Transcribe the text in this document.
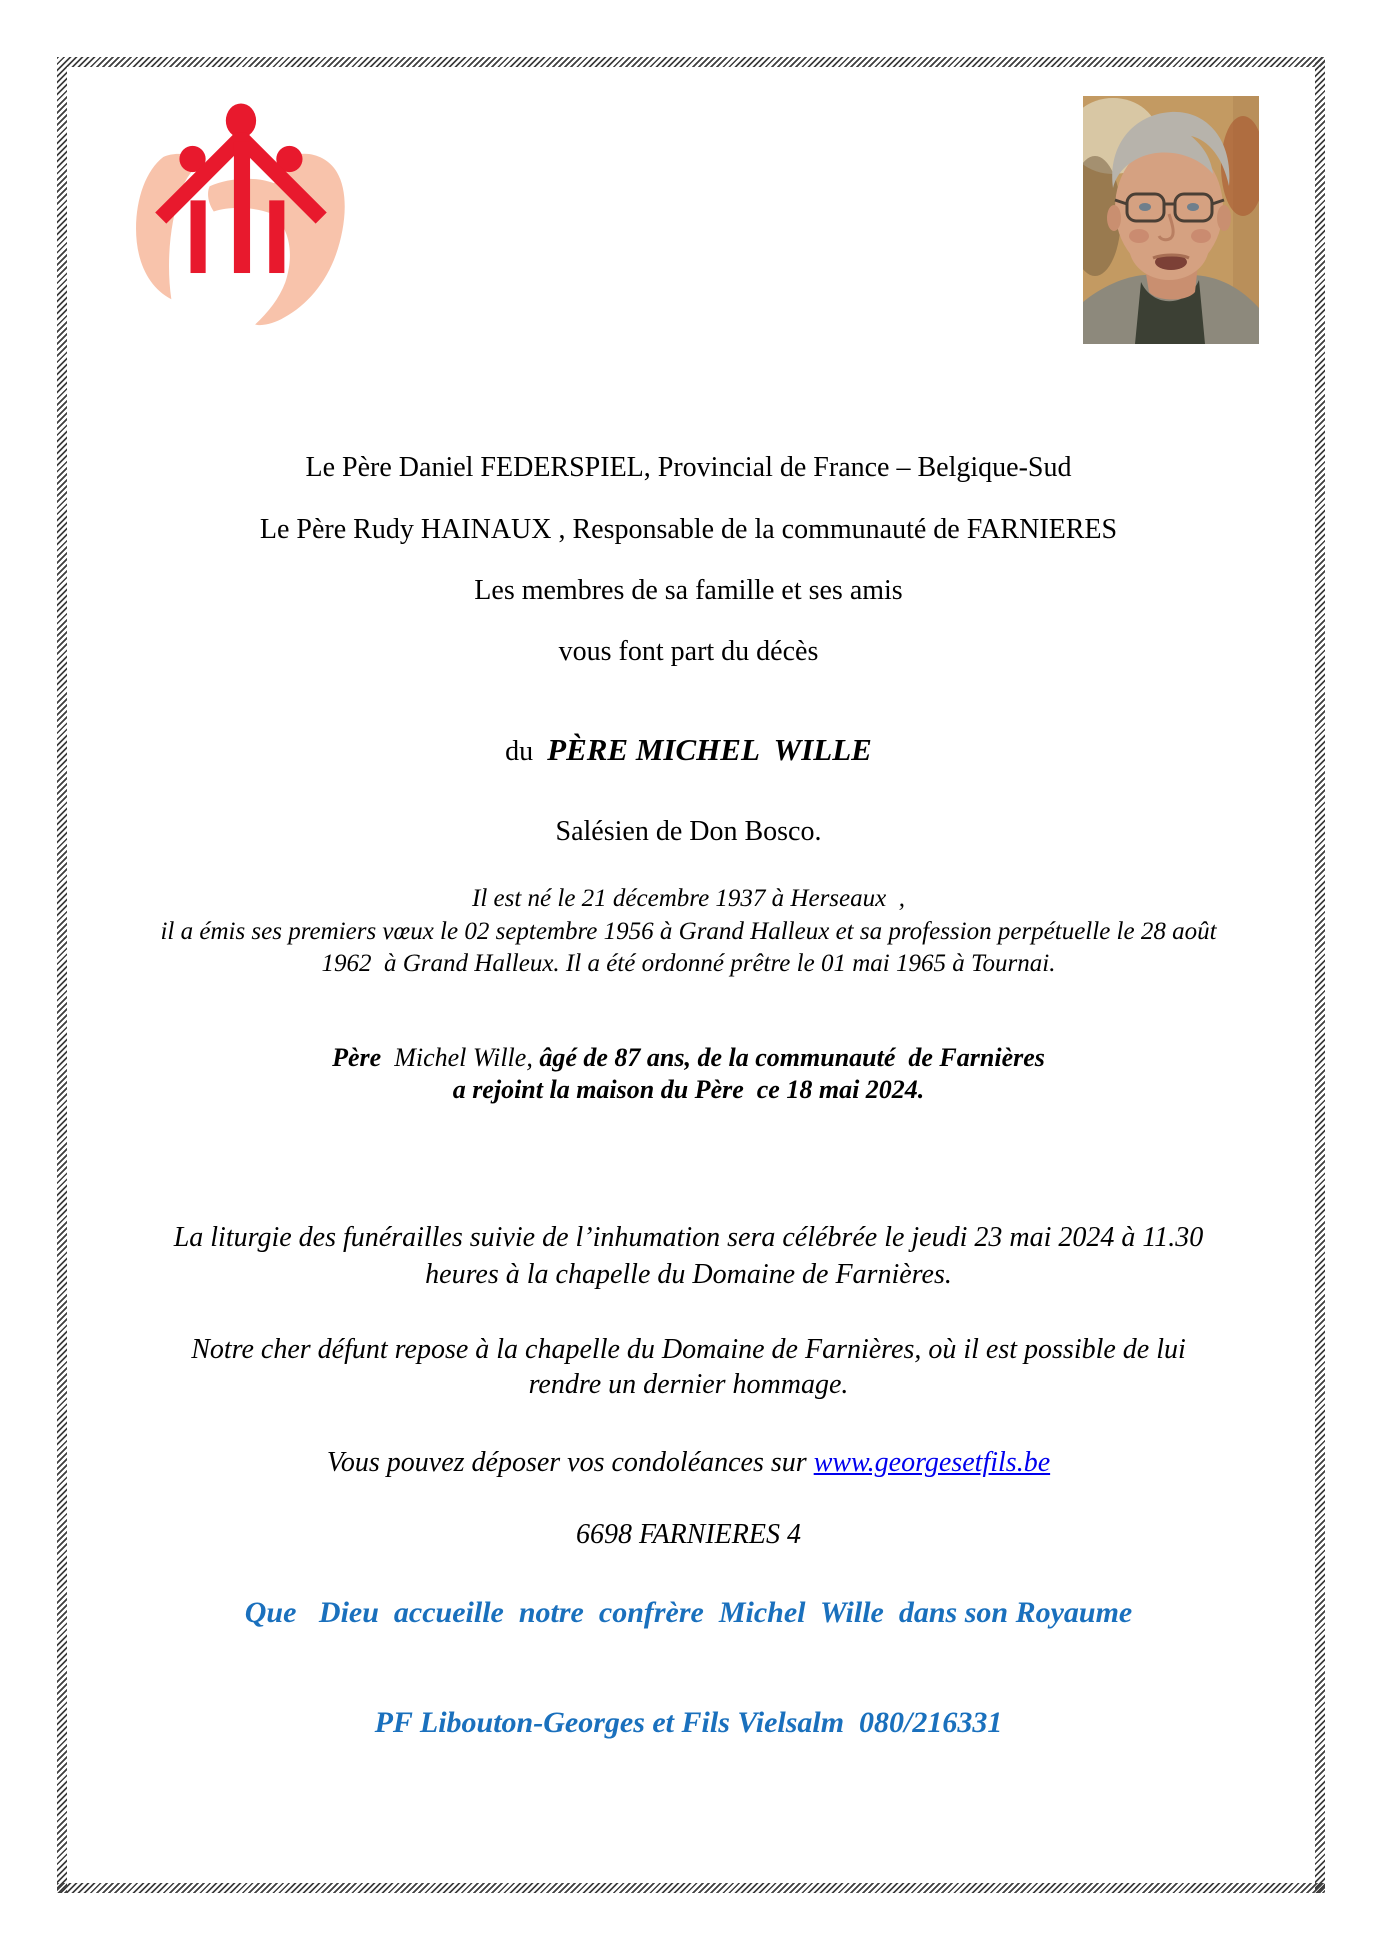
Le Père Daniel FEDERSPIEL, Provincial de France – Belgique-Sud
Le Père Rudy HAINAUX , Responsable de la communauté de FARNIERES
Les membres de sa famille et ses amis
vous font part du décès
du  PÈRE MICHEL  WILLE
Salésien de Don Bosco.
Il est né le 21 décembre 1937 à Herseaux  ,
il a émis ses premiers vœux le 02 septembre 1956 à Grand Halleux et sa profession perpétuelle le 28 août
1962  à Grand Halleux. Il a été ordonné prêtre le 01 mai 1965 à Tournai.
Père  Michel Wille, âgé de 87 ans, de la communauté  de Farnières
a rejoint la maison du Père  ce 18 mai 2024.
La liturgie des funérailles suivie de l’inhumation sera célébrée le jeudi 23 mai 2024 à 11.30
heures à la chapelle du Domaine de Farnières.
Notre cher défunt repose à la chapelle du Domaine de Farnières, où il est possible de lui
rendre un dernier hommage.
Vous pouvez déposer vos condoléances sur www.georgesetfils.be
6698 FARNIERES 4
Que   Dieu  accueille  notre  confrère  Michel  Wille  dans son Royaume
PF Libouton-Georges et Fils Vielsalm  080/216331
